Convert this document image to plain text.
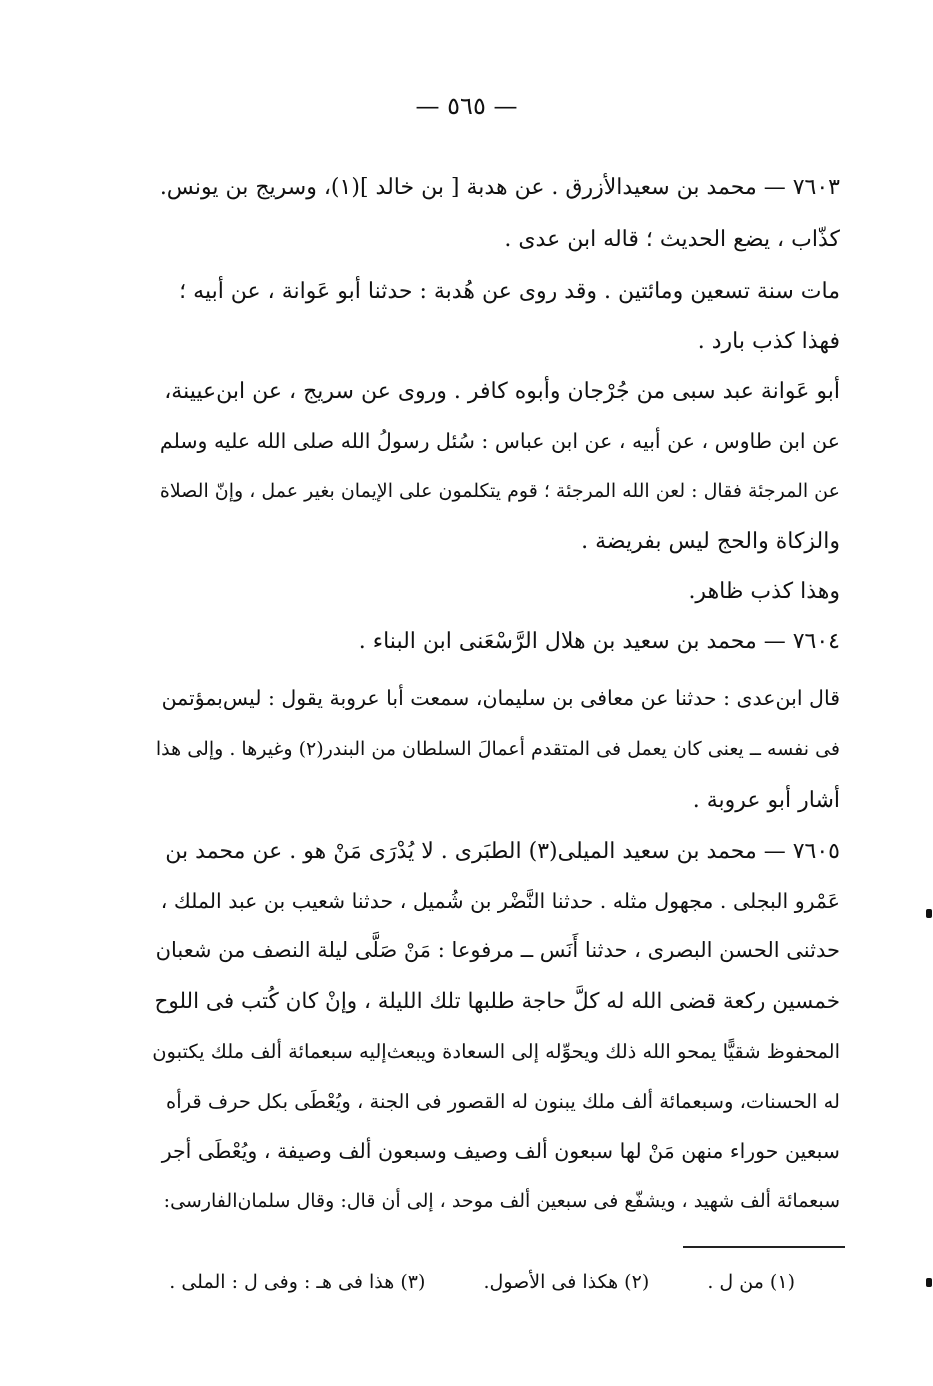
— ٥٦٥ —
٧٦٠٣ — محمد بن سعيدالأزرق . عن هدبة [ بن خالد ](١)، وسريج بن يونس.
كذّاب ، يضع الحديث ؛ قاله ابن عدى .
مات سنة تسعين ومائتين . وقد روى عن هُدبة : حدثنا أبو عَوانة ، عن أبيه ؛
فهذا كذب بارد .
أبو عَوانة عبد سبى من جُرْجان وأبوه كافر . وروى عن سريج ، عن ابن‌عيينة،
عن ابن طاوس ، عن أبيه ، عن ابن عباس : سُئل رسولُ الله صلى الله عليه وسلم
عن المرجئة فقال : لعن الله المرجئة ؛ قوم يتكلمون على الإيمان بغير عمل ، وإنّ الصلاة
والزكاة والحج ليس بفريضة .
وهذا كذب ظاهر.
٧٦٠٤ — محمد بن سعيد بن هلال الرَّسْعَنى ابن البناء .
قال ابن‌عدى : حدثنا عن معافى بن سليمان، سمعت أبا عروبة يقول : ليس‌بمؤتمن
فى نفسه ــ يعنى كان يعمل فى المتقدم أعمالَ السلطان من البندر(٢) وغيرها . وإلى هذا
أشار أبو عروبة .
٧٦٠٥ — محمد بن سعيد الميلى(٣) الطبَرى . لا يُدْرَى مَنْ هو . عن محمد بن
عَمْرو البجلى . مجهول مثله . حدثنا النَّضْر بن شُميل ، حدثنا شعيب بن عبد الملك ،
حدثنى الحسن البصرى ، حدثنا أَنَس ــ مرفوعا : مَنْ صَلَّى ليلة النصف من شعبان
خمسين ركعة قضى الله له كلَّ حاجة طلبها تلك الليلة ، وإنْ كان كُتب فى اللوح
المحفوظ شقيًّا يمحو الله ذلك ويحوِّله إلى السعادة ويبعث‌إليه سبعمائة ألف ملك يكتبون
له الحسنات، وسبعمائة ألف ملك يبنون له القصور فى الجنة ، ويُعْطَى بكل حرف قرأه
سبعين حوراء منهن مَنْ لها سبعون ألف وصيف وسبعون ألف وصيفة ، ويُعْطَى أجر
سبعمائة ألف شهيد ، ويشفّع فى سبعين ألف موحد ، إلى أن قال: وقال سلمان‌الفارسى:
(١) من ل .  (٢) هكذا فى الأصول.  (٣) هذا فى هـ : وفى ل : الملى .
